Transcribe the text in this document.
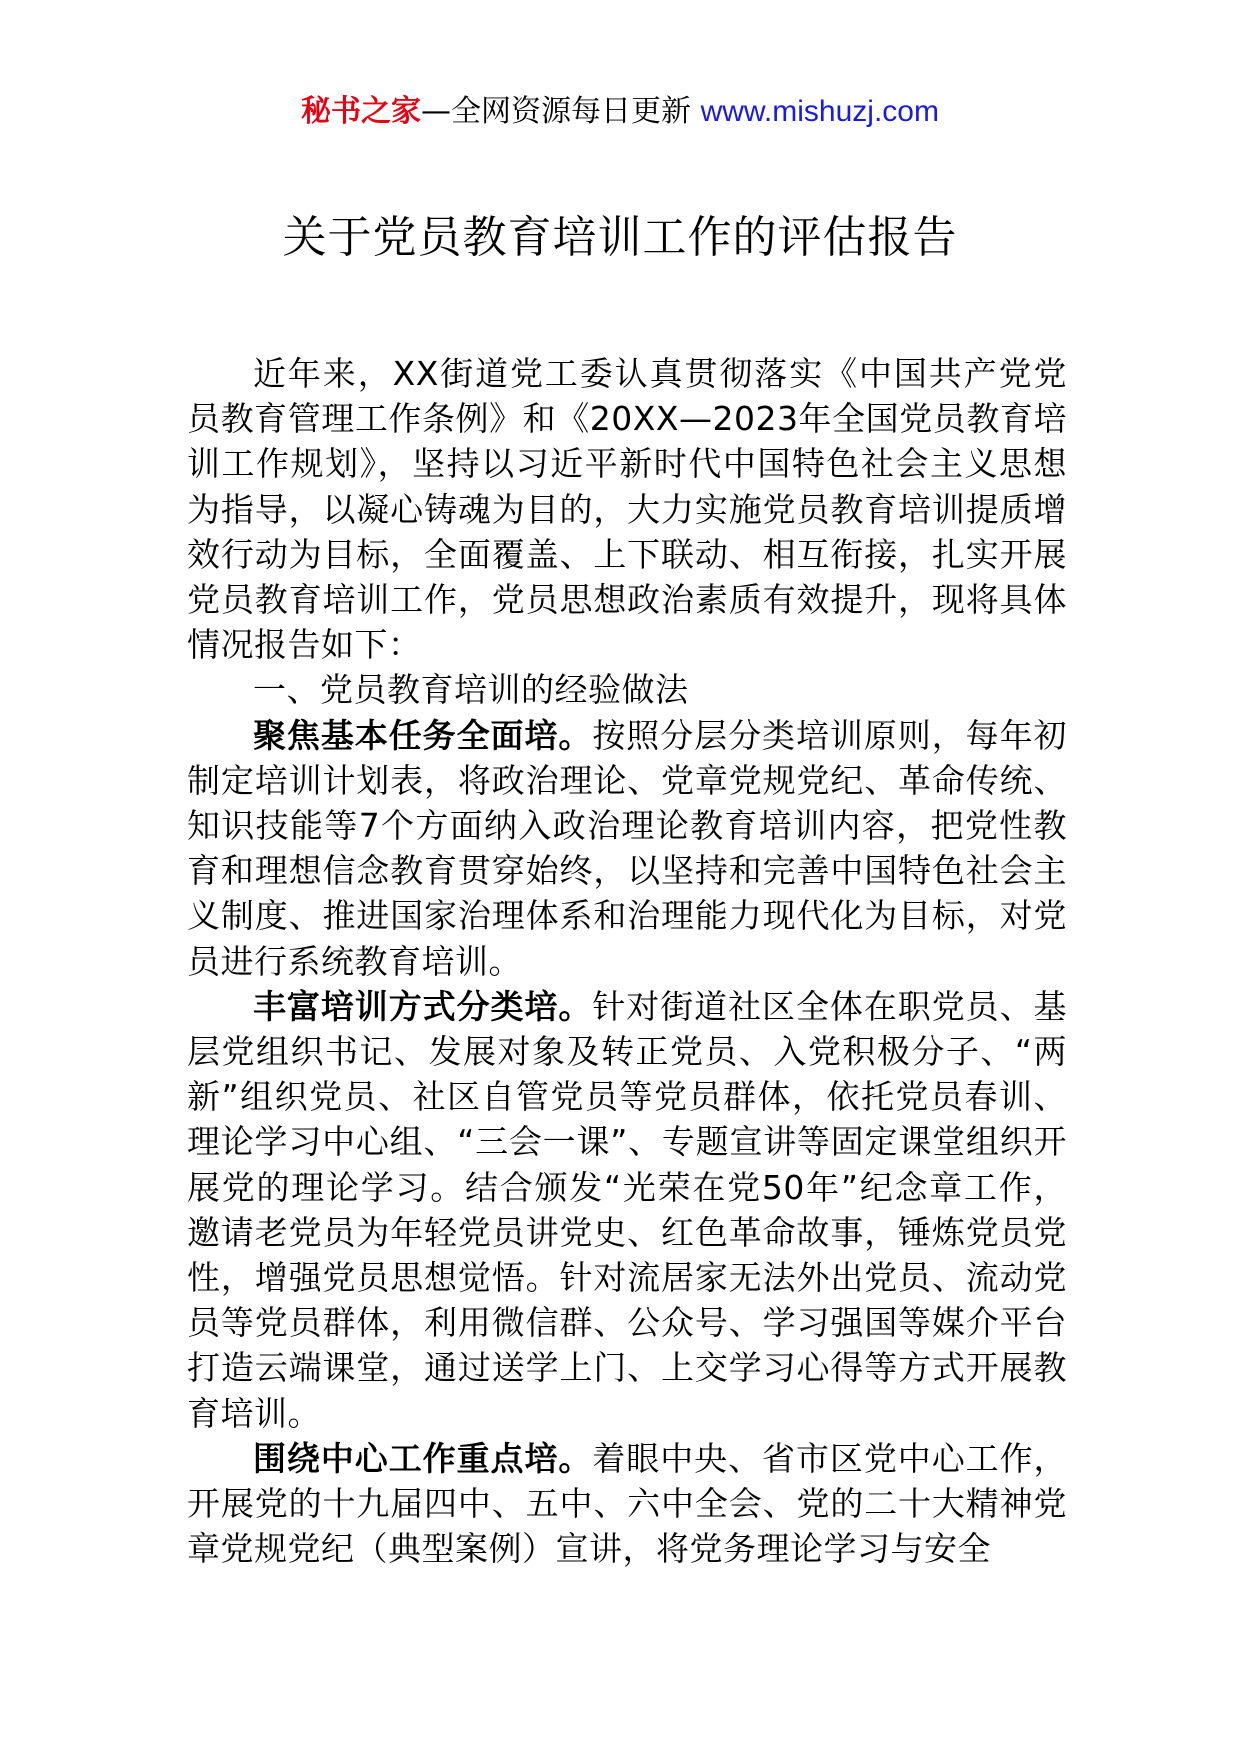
秘书之家—全网资源每日更新 www.mishuzj.com
关于党员教育培训工作的评估报告

近年来，XX街道党工委认真贯彻落实《中国共产党党员教育管理工作条例》和《20XX—2023年全国党员教育培训工作规划》，坚持以习近平新时代中国特色社会主义思想为指导，以凝心铸魂为目的，大力实施党员教育培训提质增效行动为目标，全面覆盖、上下联动、相互衔接，扎实开展党员教育培训工作，党员思想政治素质有效提升，现将具体情况报告如下：

一、党员教育培训的经验做法

聚焦基本任务全面培。按照分层分类培训原则，每年初制定培训计划表，将政治理论、党章党规党纪、革命传统、知识技能等7个方面纳入政治理论教育培训内容，把党性教育和理想信念教育贯穿始终，以坚持和完善中国特色社会主义制度、推进国家治理体系和治理能力现代化为目标，对党员进行系统教育培训。

丰富培训方式分类培。针对街道社区全体在职党员、基层党组织书记、发展对象及转正党员、入党积极分子、“两新”组织党员、社区自管党员等党员群体，依托党员春训、理论学习中心组、“三会一课”、专题宣讲等固定课堂组织开展党的理论学习。结合颁发“光荣在党50年”纪念章工作，邀请老党员为年轻党员讲党史、红色革命故事，锤炼党员党性，增强党员思想觉悟。针对流居家无法外出党员、流动党员等党员群体，利用微信群、公众号、学习强国等媒介平台打造云端课堂，通过送学上门、上交学习心得等方式开展教育培训。

围绕中心工作重点培。着眼中央、省市区党中心工作，开展党的十九届四中、五中、六中全会、党的二十大精神党章党规党纪（典型案例）宣讲，将党务理论学习与安全
